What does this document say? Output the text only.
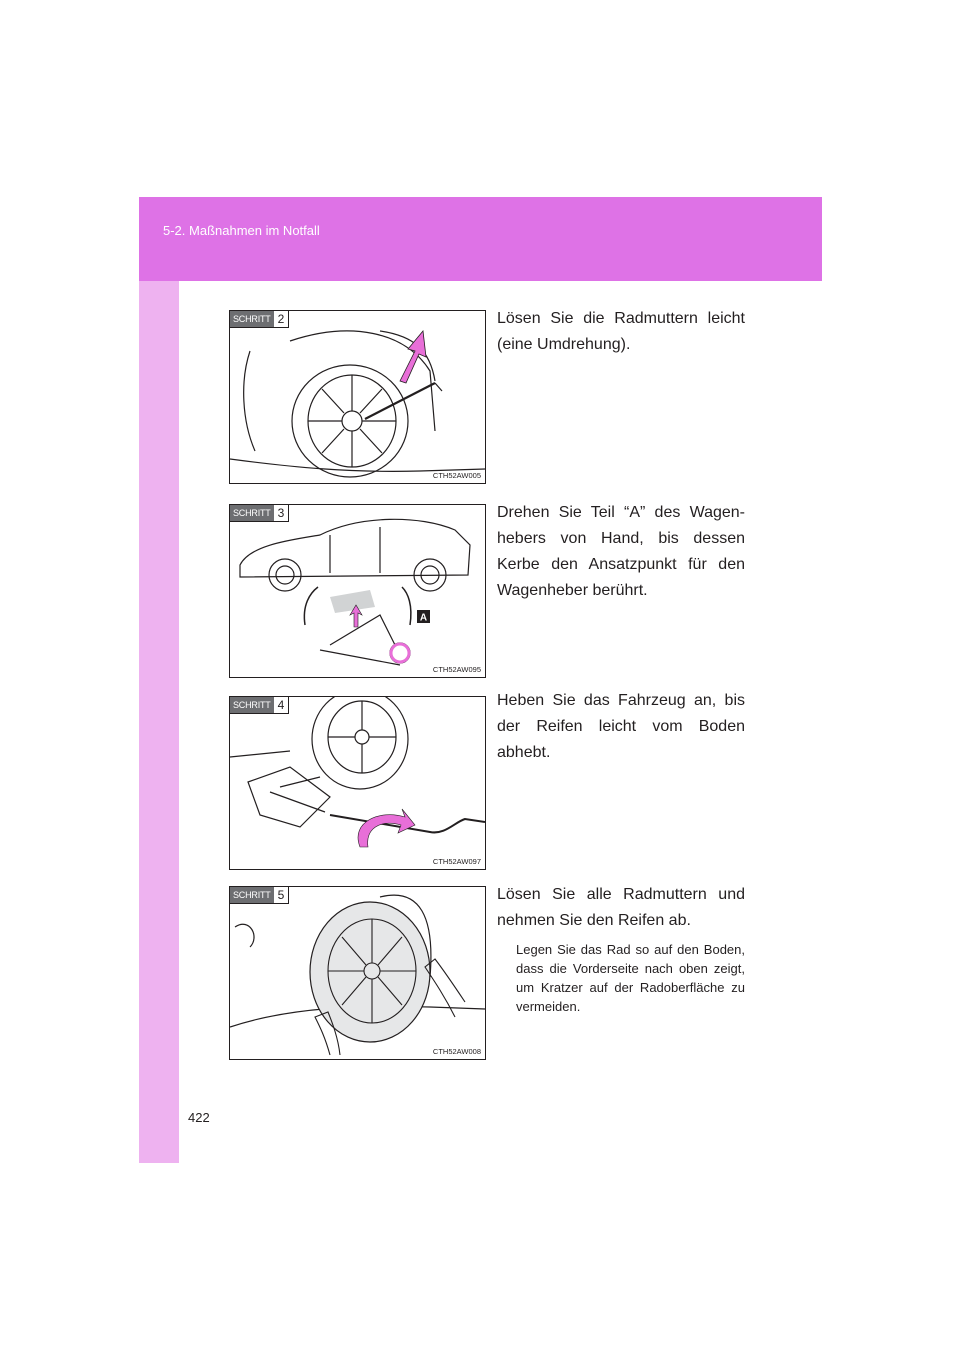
5-2. Maßnahmen im Notfall
SCHRITT 2
CTH52AW005

Lösen Sie die Radmuttern leicht (eine Umdrehung).

A
SCHRITT 3
CTH52AW095

Drehen Sie Teil “A” des Wagen-hebers von Hand, bis dessen Kerbe den Ansatzpunkt für den Wagenheber berührt.

SCHRITT 4
CTH52AW097

Heben Sie das Fahrzeug an, bis der Reifen leicht vom Boden abhebt.

SCHRITT 5
CTH52AW008

Lösen Sie alle Radmuttern und nehmen Sie den Reifen ab.

Legen Sie das Rad so auf den Boden, dass die Vorderseite nach oben zeigt, um Kratzer auf der Radoberfläche zu vermeiden.

422
